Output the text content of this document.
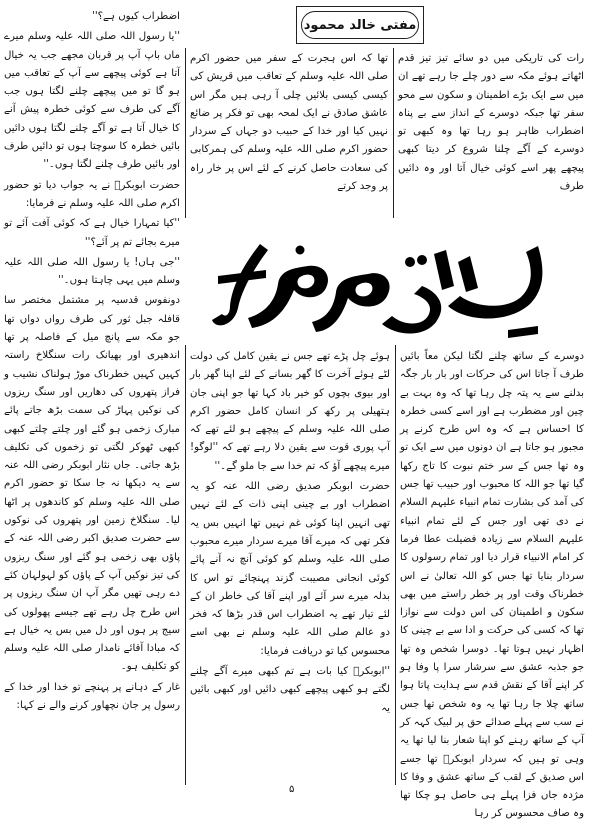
مفتی خالد محمود

رات کی تاریکی میں دو سائے تیز تیز قدم اٹھاتے ہوئے مکہ سے دور چلے جا رہے تھے ان میں سے ایک بڑے اطمینان و سکون سے محو سفر تھا جبکہ دوسرے کے انداز سے بے پناہ اضطراب ظاہر ہو رہا تھا وہ کبھی تو دوسرے کے آگے چلنا شروع کر دیتا کبھی پیچھے پھر اسے کوئی خیال آتا اور وہ دائیں طرف

تھا کہ اس ہجرت کے سفر میں حضور اکرم صلی اللہ علیہ وسلم کے تعاقب میں قریش کی کیسی کیسی بلائیں چلی آ رہی ہیں مگر اس عاشق صادق نے ایک لمحہ بھی تو فکر پر ضائع نہیں کیا اور خدا کے حبیب دو جہاں کے سردار حضور اکرم صلی اللہ علیہ وسلم کی ہمرکابی کی سعادت حاصل کرنے کے لئے اس پر خار راہ پر وجد کرتے

اضطراب کیوں ہے؟''

''یا رسول اللہ صلی اللہ علیہ وسلم میرے ماں باپ آپ پر قربان مجھے جب یہ خیال آتا ہے کوئی پیچھے سے آپ کے تعاقب میں ہو گا تو میں پیچھے چلنے لگتا ہوں جب آگے کی طرف سے کوئی خطرہ پیش آنے کا خیال آتا ہے تو آگے چلنے لگتا ہوں دائیں بائیں خطرہ کا سوچتا ہوں تو دائیں طرف اور بائیں طرف چلنے لگتا ہوں۔''

حضرت ابوبکرؓ نے یہ جواب دیا تو حضور اکرم صلی اللہ علیہ وسلم نے فرمایا:

''کیا تمہارا خیال ہے کہ کوئی آفت آئے تو میرے بجائے تم پر آئے؟''

''جی ہاں! یا رسول اللہ صلی اللہ علیہ وسلم میں یہی چاہتا ہوں۔''

دونفوس قدسیہ پر مشتمل مختصر سا قافلہ جبل ثور کی طرف رواں دواں تھا جو مکہ سے پانچ میل کے فاصلہ پر تھا اندھیری اور بھیانک رات سنگلاخ راستہ کہیں کہیں خطرناک موڑ ہولناک نشیب و فراز پتھروں کی دھاریں اور سنگ ریزوں کی نوکیں پہاڑ کی سمت بڑھ جاتے پائے مبارک زخمی ہو گئے اور چلتے چلتے کبھی کبھی ٹھوکر لگتی تو زخموں کی تکلیف بڑھ جاتی۔ جاں نثار ابوبکر رضی اللہ عنہ سے یہ دیکھا نہ جا سکا تو حضور اکرم صلی اللہ علیہ وسلم کو کاندھوں پر اٹھا لیا۔ سنگلاخ زمین اور پتھروں کی نوکوں سے حضرت صدیق اکبر رضی اللہ عنہ کے پاؤں بھی زخمی ہو گئے اور سنگ ریزوں کی تیز نوکیں آپ کے پاؤں کو لہولہان کئے دے رہی تھیں مگر آپ ان سنگ ریزوں پر اس طرح چل رہے تھے جیسے پھولوں کی سیج پر ہوں اور دل میں بس یہ خیال ہے کہ مبادا آقائے نامدار صلی اللہ علیہ وسلم کو تکلیف ہو۔

غار کے دہانے پر پہنچے تو خدا اور خدا کے رسول پر جان نچھاور کرنے والے نے کہا:

دوسرے کے ساتھ چلنے لگتا لیکن معاً بائیں طرف آ جاتا اس کی حرکات اور بار بار جگہ بدلنے سے یہ پتہ چل رہا تھا کہ وہ بہت بے چین اور مضطرب ہے اور اسے کسی خطرہ کا احساس ہے کہ وہ اس طرح کرنے پر مجبور ہو جاتا ہے ان دونوں میں سے ایک تو وہ تھا جس کے سر ختم نبوت کا تاج رکھا گیا تھا جو اللہ کا محبوب اور حبیب تھا جس کی آمد کی بشارت تمام انبیاء علیہم السلام نے دی تھی اور جس کے لئے تمام انبیاء علیہم السلام سے زیادہ فضیلت عطا فرما کر امام الانبیاء قرار دیا اور تمام رسولوں کا سردار بنایا تھا جس کو اللہ تعالیٰ نے اس خطرناک وقت اور پر خطر راستے میں بھی سکون و اطمینان کی اس دولت سے نوازا تھا کہ کسی کی حرکت و ادا سے بے چینی کا اظہار نہیں ہوتا تھا۔ دوسرا شخص وہ تھا جو جذبہ عشق سے سرشار سرا پا وفا ہو کر اپنے آقا کے نقش قدم سے ہدایت پاتا ہوا ساتھ چلا جا رہا تھا یہ وہ شخص تھا جس نے سب سے پہلے صدائے حق پر لبیک کہہ کر آپ کے ساتھ رہنے کو اپنا شعار بنا لیا تھا یہ وہی تو ہیں کہ سردار ابوبکرؓ تھا جسے اس صدیق کے لقب کے ساتھ عشق و وفا کا مژدہ جاں فزا پہلے ہی حاصل ہو چکا تھا وہ صاف محسوس کر رہا

ہوئے چل پڑے تھے جس نے یقین کامل کی دولت لٹے ہوئے آخرت کا گھر بسانے کے لئے اپنا گھر بار اور بیوی بچوں کو خیر باد کہا تھا جو اپنی جان ہتھیلی پر رکھ کر انسان کامل حضور اکرم صلی اللہ علیہ وسلم کے پیچھے ہو لئے تھے کہ آپ پوری قوت سے یقین دلا رہے تھے کہ ''لوگو! میرے پیچھے آؤ کہ تم خدا سے جا ملو گے۔''

حضرت ابوبکر صدیق رضی اللہ عنہ کو یہ اضطراب اور بے چینی اپنی ذات کے لئے نہیں تھی انہیں اپنا کوئی غم نہیں تھا انہیں بس یہ فکر تھی کہ میرے آقا میرے سردار میرے محبوب صلی اللہ علیہ وسلم کو کوئی آنچ نہ آنے پائے کوئی انجانی مصیبت گزند پہنچائے تو اس کا بدلہ میرے سر آئے اور اپنے آقا کی خاطر ان کے لئے تیار تھے یہ اضطراب اس قدر بڑھا کہ فخر دو عالم صلی اللہ علیہ وسلم نے بھی اسے محسوس کیا تو دریافت فرمایا:

''ابوبکرؓ کیا بات ہے تم کبھی میرے آگے چلنے لگتے ہو کبھی پیچھے کبھی دائیں اور کبھی بائیں یہ

۵
